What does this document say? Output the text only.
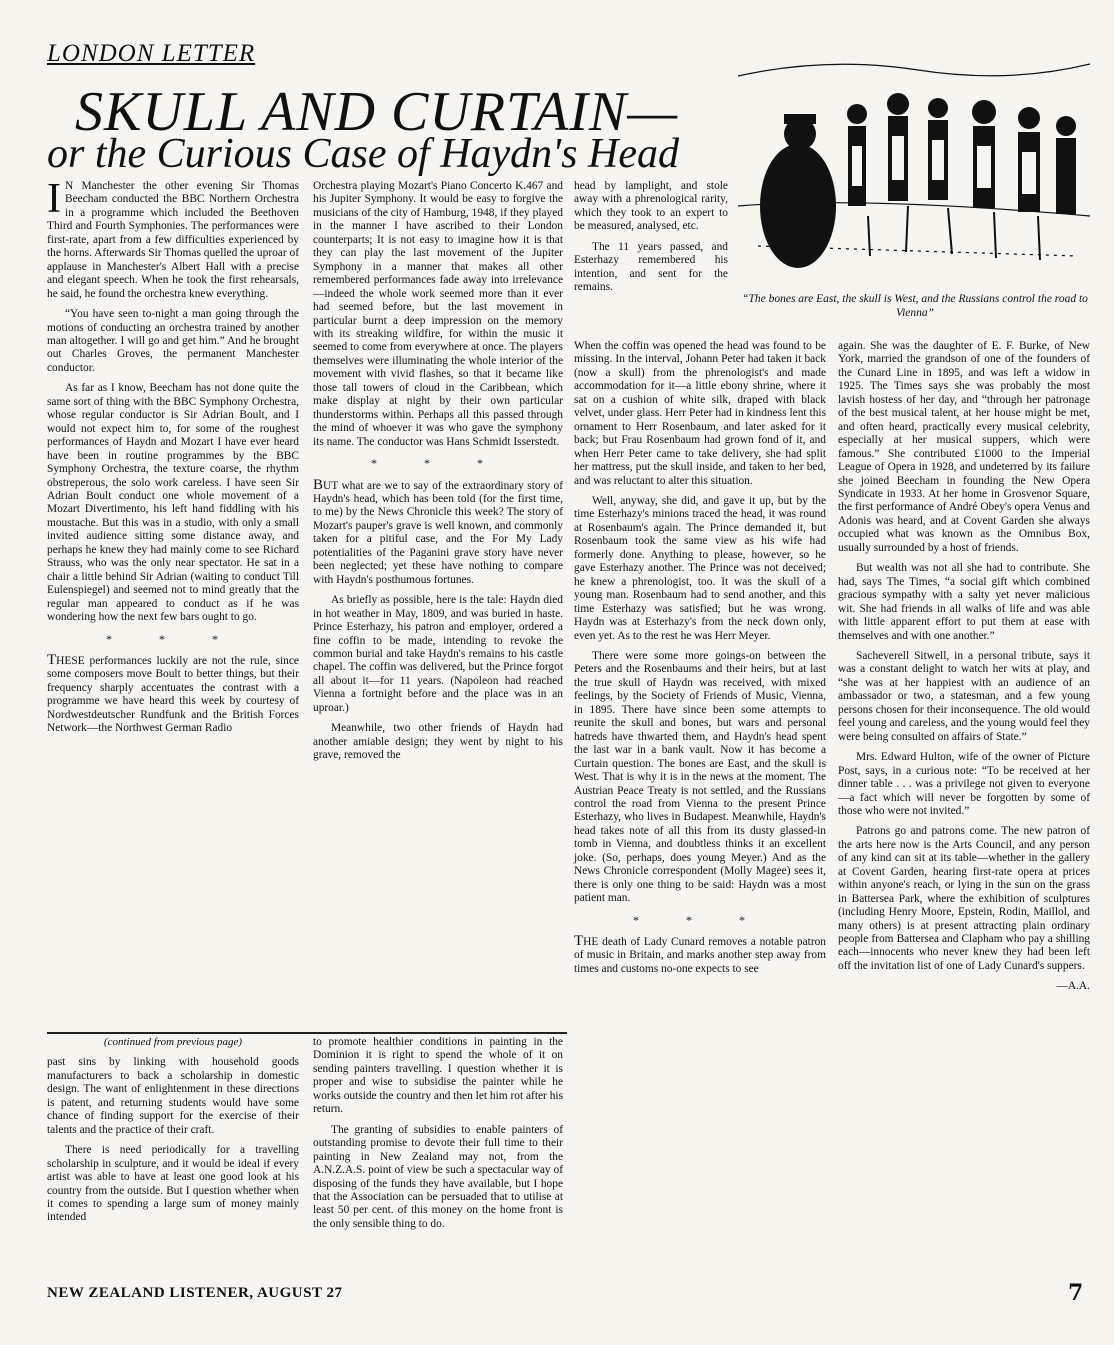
LONDON LETTER
SKULL AND CURTAIN—
or the Curious Case of Haydn's Head
“The bones are East, the skull is West, and the Russians control the road to Vienna”

I N Manchester the other evening Sir Thomas Beecham conducted the BBC Northern Orchestra in a programme which included the Beethoven Third and Fourth Symphonies. The performances were first-rate, apart from a few difficulties experienced by the horns. Afterwards Sir Thomas quelled the uproar of applause in Manchester's Albert Hall with a precise and elegant speech. When he took the first rehearsals, he said, he found the orchestra knew everything.

“You have seen to-night a man going through the motions of conducting an orchestra trained by another man altogether. I will go and get him.” And he brought out Charles Groves, the permanent Manchester conductor.

As far as I know, Beecham has not done quite the same sort of thing with the BBC Symphony Orchestra, whose regular conductor is Sir Adrian Boult, and I would not expect him to, for some of the roughest performances of Haydn and Mozart I have ever heard have been in routine programmes by the BBC Symphony Orchestra, the texture coarse, the rhythm obstreperous, the solo work careless. I have seen Sir Adrian Boult conduct one whole movement of a Mozart Divertimento, his left hand fiddling with his moustache. But this was in a studio, with only a small invited audience sitting some distance away, and perhaps he knew they had mainly come to see Richard Strauss, who was the only near spectator. He sat in a chair a little behind Sir Adrian (waiting to conduct Till Eulenspiegel) and seemed not to mind greatly that the regular man appeared to conduct as if he was wondering how the next few bars ought to go.

* * *

THESE performances luckily are not the rule, since some composers move Boult to better things, but their frequency sharply accentuates the contrast with a programme we have heard this week by courtesy of Nordwestdeutscher Rundfunk and the British Forces Network—the Northwest German Radio

Orchestra playing Mozart's Piano Concerto K.467 and his Jupiter Symphony. It would be easy to forgive the musicians of the city of Hamburg, 1948, if they played in the manner I have ascribed to their London counterparts; It is not easy to imagine how it is that they can play the last movement of the Jupiter Symphony in a manner that makes all other remembered performances fade away into irrelevance—indeed the whole work seemed more than it ever had seemed before, but the last movement in particular burnt a deep impression on the memory with its streaking wildfire, for within the music it seemed to come from everywhere at once. The players themselves were illuminating the whole interior of the movement with vivid flashes, so that it became like those tall towers of cloud in the Caribbean, which make display at night by their own particular thunderstorms within. Perhaps all this passed through the mind of whoever it was who gave the symphony its name. The conductor was Hans Schmidt Isserstedt.

* * *

BUT what are we to say of the extraordinary story of Haydn's head, which has been told (for the first time, to me) by the News Chronicle this week? The story of Mozart's pauper's grave is well known, and commonly taken for a pitiful case, and the For My Lady potentialities of the Paganini grave story have never been neglected; yet these have nothing to compare with Haydn's posthumous fortunes.

As briefly as possible, here is the tale: Haydn died in hot weather in May, 1809, and was buried in haste. Prince Esterhazy, his patron and employer, ordered a fine coffin to be made, intending to revoke the common burial and take Haydn's remains to his castle chapel. The coffin was delivered, but the Prince forgot all about it—for 11 years. (Napoleon had reached Vienna a fortnight before and the place was in an uproar.)

Meanwhile, two other friends of Haydn had another amiable design; they went by night to his grave, removed the

head by lamplight, and stole away with a phrenological rarity, which they took to an expert to be measured, analysed, etc.

The 11 years passed, and Esterhazy remembered his intention, and sent for the remains.

When the coffin was opened the head was found to be missing. In the interval, Johann Peter had taken it back (now a skull) from the phrenologist's and made accommodation for it—a little ebony shrine, where it sat on a cushion of white silk, draped with black velvet, under glass. Herr Peter had in kindness lent this ornament to Herr Rosenbaum, and later asked for it back; but Frau Rosenbaum had grown fond of it, and when Herr Peter came to take delivery, she had split her mattress, put the skull inside, and taken to her bed, and was reluctant to alter this situation.

Well, anyway, she did, and gave it up, but by the time Esterhazy's minions traced the head, it was round at Rosenbaum's again. The Prince demanded it, but Rosenbaum took the same view as his wife had formerly done. Anything to please, however, so he gave Esterhazy another. The Prince was not deceived; he knew a phrenologist, too. It was the skull of a young man. Rosenbaum had to send another, and this time Esterhazy was satisfied; but he was wrong. Haydn was at Esterhazy's from the neck down only, even yet. As to the rest he was Herr Meyer.

There were some more goings-on between the Peters and the Rosenbaums and their heirs, but at last the true skull of Haydn was received, with mixed feelings, by the Society of Friends of Music, Vienna, in 1895. There have since been some attempts to reunite the skull and bones, but wars and personal hatreds have thwarted them, and Haydn's head spent the last war in a bank vault. Now it has become a Curtain question. The bones are East, and the skull is West. That is why it is in the news at the moment. The Austrian Peace Treaty is not settled, and the Russians control the road from Vienna to the present Prince Esterhazy, who lives in Budapest. Meanwhile, Haydn's head takes note of all this from its dusty glassed-in tomb in Vienna, and doubtless thinks it an excellent joke. (So, perhaps, does young Meyer.) And as the News Chronicle correspondent (Molly Magee) sees it, there is only one thing to be said: Haydn was a most patient man.

* * *

THE death of Lady Cunard removes a notable patron of music in Britain, and marks another step away from times and customs no-one expects to see

again. She was the daughter of E. F. Burke, of New York, married the grandson of one of the founders of the Cunard Line in 1895, and was left a widow in 1925. The Times says she was probably the most lavish hostess of her day, and “through her patronage of the best musical talent, at her house might be met, and often heard, practically every musical celebrity, especially at her musical suppers, which were famous.” She contributed £1000 to the Imperial League of Opera in 1928, and undeterred by its failure she joined Beecham in founding the New Opera Syndicate in 1933. At her home in Grosvenor Square, the first performance of André Obey's opera Venus and Adonis was heard, and at Covent Garden she always occupied what was known as the Omnibus Box, usually surrounded by a host of friends.

But wealth was not all she had to contribute. She had, says The Times, “a social gift which combined gracious sympathy with a salty yet never malicious wit. She had friends in all walks of life and was able with little apparent effort to put them at ease with themselves and with one another.”

Sacheverell Sitwell, in a personal tribute, says it was a constant delight to watch her wits at play, and “she was at her happiest with an audience of an ambassador or two, a statesman, and a few young persons chosen for their inconsequence. The old would feel young and careless, and the young would feel they were being consulted on affairs of State.”

Mrs. Edward Hulton, wife of the owner of Picture Post, says, in a curious note: “To be received at her dinner table . . . was a privilege not given to everyone—a fact which will never be forgotten by some of those who were not invited.”

Patrons go and patrons come. The new patron of the arts here now is the Arts Council, and any person of any kind can sit at its table—whether in the gallery at Covent Garden, hearing first-rate opera at prices within anyone's reach, or lying in the sun on the grass in Battersea Park, where the exhibition of sculptures (including Henry Moore, Epstein, Rodin, Maillol, and many others) is at present attracting plain ordinary people from Battersea and Clapham who pay a shilling each—innocents who never knew they had been left off the invitation list of one of Lady Cunard's suppers.

—A.A.

(continued from previous page)

past sins by linking with household goods manufacturers to back a scholarship in domestic design. The want of enlightenment in these directions is patent, and returning students would have some chance of finding support for the exercise of their talents and the practice of their craft.

There is need periodically for a travelling scholarship in sculpture, and it would be ideal if every artist was able to have at least one good look at his country from the outside. But I question whether when it comes to spending a large sum of money mainly intended

to promote healthier conditions in painting in the Dominion it is right to spend the whole of it on sending painters travelling. I question whether it is proper and wise to subsidise the painter while he works outside the country and then let him rot after his return.

The granting of subsidies to enable painters of outstanding promise to devote their full time to their painting in New Zealand may not, from the A.N.Z.A.S. point of view be such a spectacular way of disposing of the funds they have available, but I hope that the Association can be persuaded that to utilise at least 50 per cent. of this money on the home front is the only sensible thing to do.

NEW ZEALAND LISTENER, AUGUST 27	7
